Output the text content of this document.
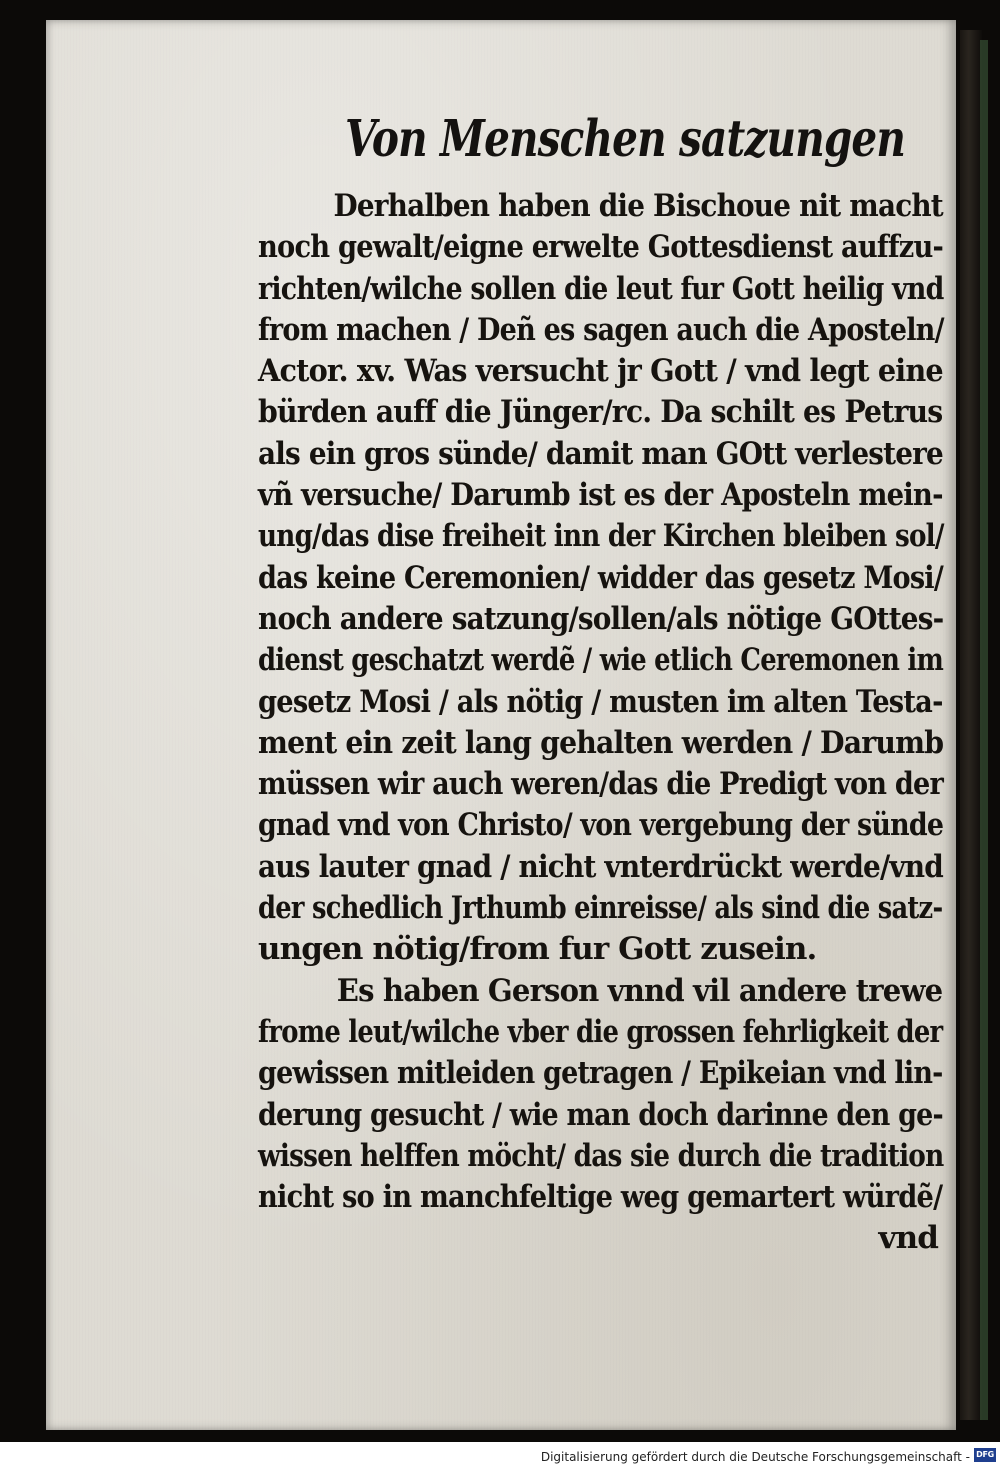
Von Menschen satzungen
Derhalben haben die Bischoue nit macht
noch gewalt/eigne erwelte Gottesdienst auffzu-
richten/wilche sollen die leut fur Gott heilig vnd
from machen / Deñ es sagen auch die Aposteln/
Actor. xv. Was versucht jr Gott / vnd legt eine
bürden auff die Jünger/rc. Da schilt es Petrus
als ein gros sünde/ damit man GOtt verlestere
vñ versuche/ Darumb ist es der Aposteln mein-
ung/das dise freiheit inn der Kirchen bleiben sol/
das keine Ceremonien/ widder das gesetz Mosi/
noch andere satzung/sollen/als nötige GOttes-
dienst geschatzt werdẽ / wie etlich Ceremonen im
gesetz Mosi / als nötig / musten im alten Testa-
ment ein zeit lang gehalten werden / Darumb
müssen wir auch weren/das die Predigt von der
gnad vnd von Christo/ von vergebung der sünde
aus lauter gnad / nicht vnterdrückt werde/vnd
der schedlich Jrthumb einreisse/ als sind die satz-
ungen nötig/from fur Gott zusein.
Es haben Gerson vnnd vil andere trewe
frome leut/wilche vber die grossen fehrligkeit der
gewissen mitleiden getragen / Epikeian vnd lin-
derung gesucht / wie man doch darinne den ge-
wissen helffen möcht/ das sie durch die tradition
nicht so in manchfeltige weg gemartert würdẽ/
vnd
Digitalisierung gefördert durch die Deutsche Forschungsgemeinschaft - DFG
